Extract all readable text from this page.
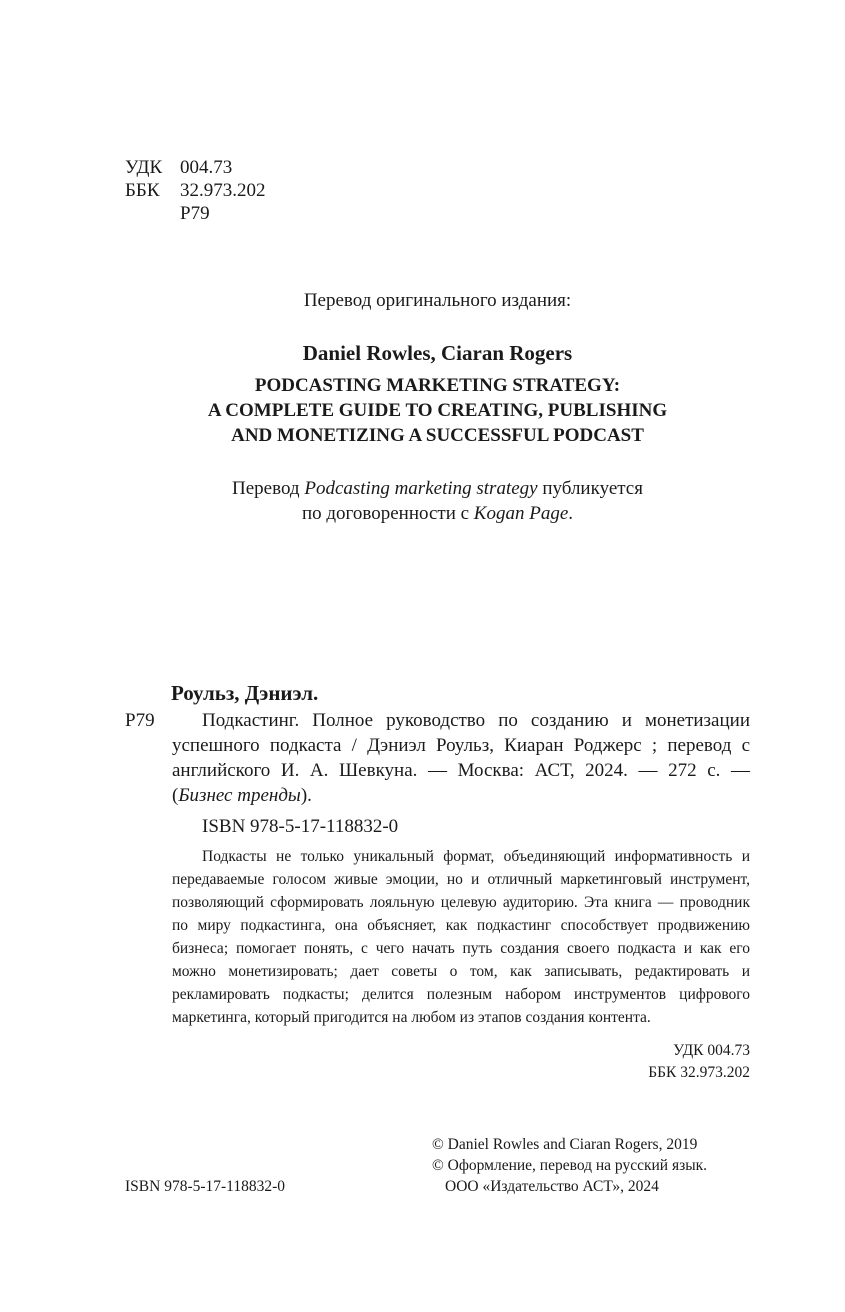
УДК 004.73
ББК 32.973.202
Р79
Перевод оригинального издания:
Daniel Rowles, Ciaran Rogers
PODCASTING MARKETING STRATEGY:
A COMPLETE GUIDE TO CREATING, PUBLISHING
AND MONETIZING A SUCCESSFUL PODCAST
Перевод Podcasting marketing strategy публикуется
по договоренности с Kogan Page.
Роульз, Дэниэл.
Р79	Подкастинг. Полное руководство по созданию и монетизации успешного подкаста / Дэниэл Роульз, Киаран Роджерс ; перевод с английского И. А. Шевкуна. — Москва: АСТ, 2024. — 272 с. — (Бизнес тренды).
ISBN 978-5-17-118832-0
Подкасты не только уникальный формат, объединяющий информативность и передаваемые голосом живые эмоции, но и отличный маркетинговый инструмент, позволяющий сформировать лояльную целевую аудиторию. Эта книга — проводник по миру подкастинга, она объясняет, как подкастинг способствует продвижению бизнеса; помогает понять, с чего начать путь создания своего подкаста и как его можно монетизировать; дает советы о том, как записывать, редактировать и рекламировать подкасты; делится полезным набором инструментов цифрового маркетинга, который пригодится на любом из этапов создания контента.
УДК 004.73
ББК 32.973.202
ISBN 978-5-17-118832-0
© Daniel Rowles and Ciaran Rogers, 2019
© Оформление, перевод на русский язык.
ООО «Издательство АСТ», 2024
